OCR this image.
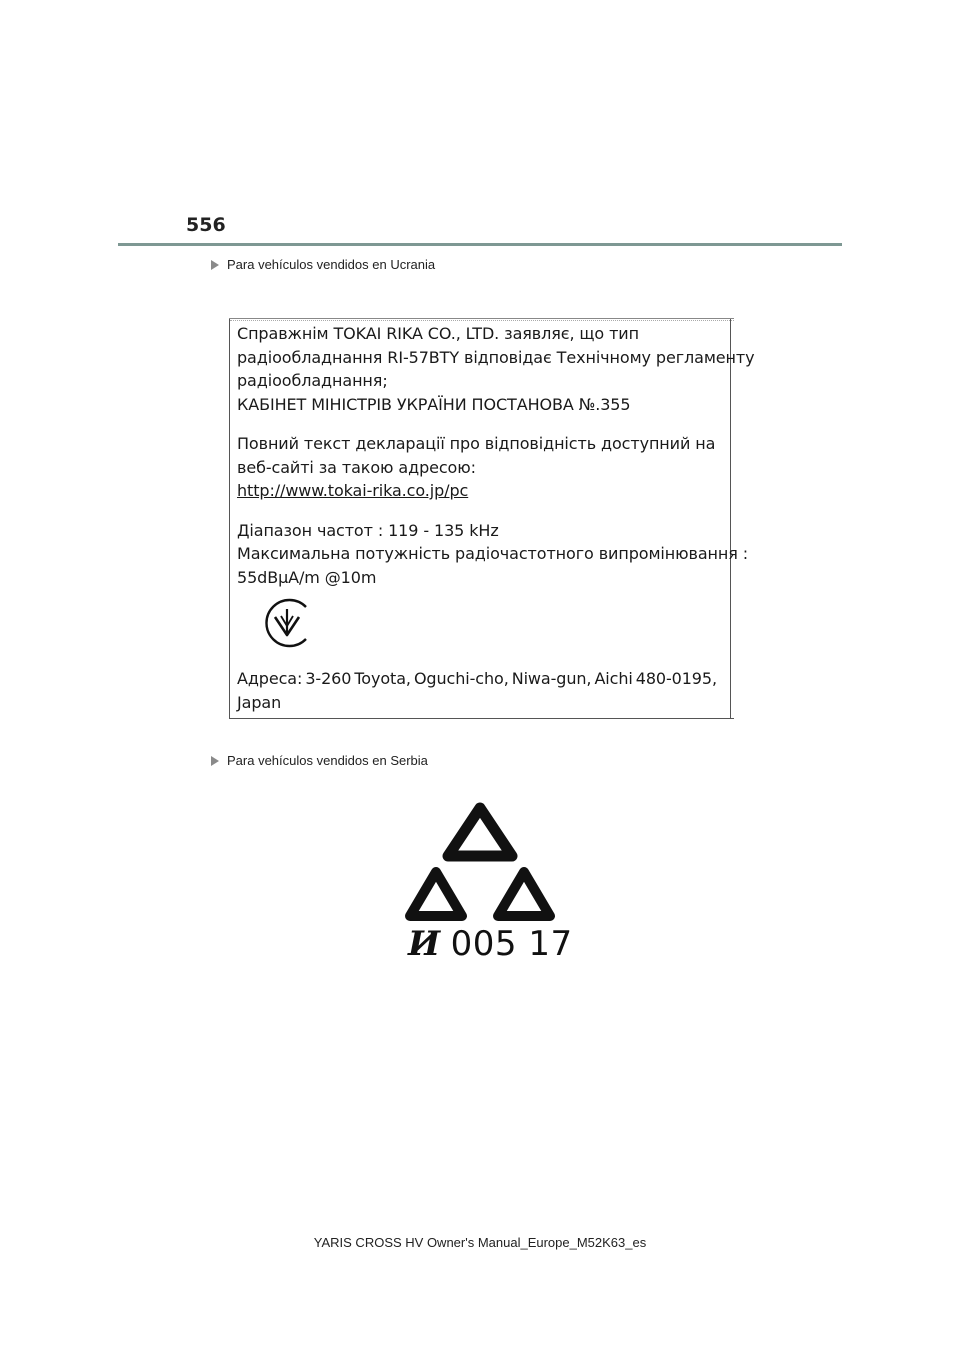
556
Para vehículos vendidos en Ucrania
Справжнім TOKAI RIKA CO., LTD. заявляє, що тип
радіообладнання RI-57BTY відповідає Технічному регламенту
радіообладнання;
КАБІНЕТ МІНІСТРІВ УКРАЇНИ ПОСТАНОВА №.355
Повний текст декларації про відповідність доступний на
веб-сайті за такою адресою:
http://www.tokai-rika.co.jp/pc
Діапазон частот : 119 - 135 kHz
Максимальна потужність радіочастотного випромінювання :
55dBμA/m @10m
Адреса: 3-260 Toyota, Oguchi-cho, Niwa-gun, Aichi 480-0195,
Japan
Para vehículos vendidos en Serbia
И 005 17
YARIS CROSS HV Owner's Manual_Europe_M52K63_es
